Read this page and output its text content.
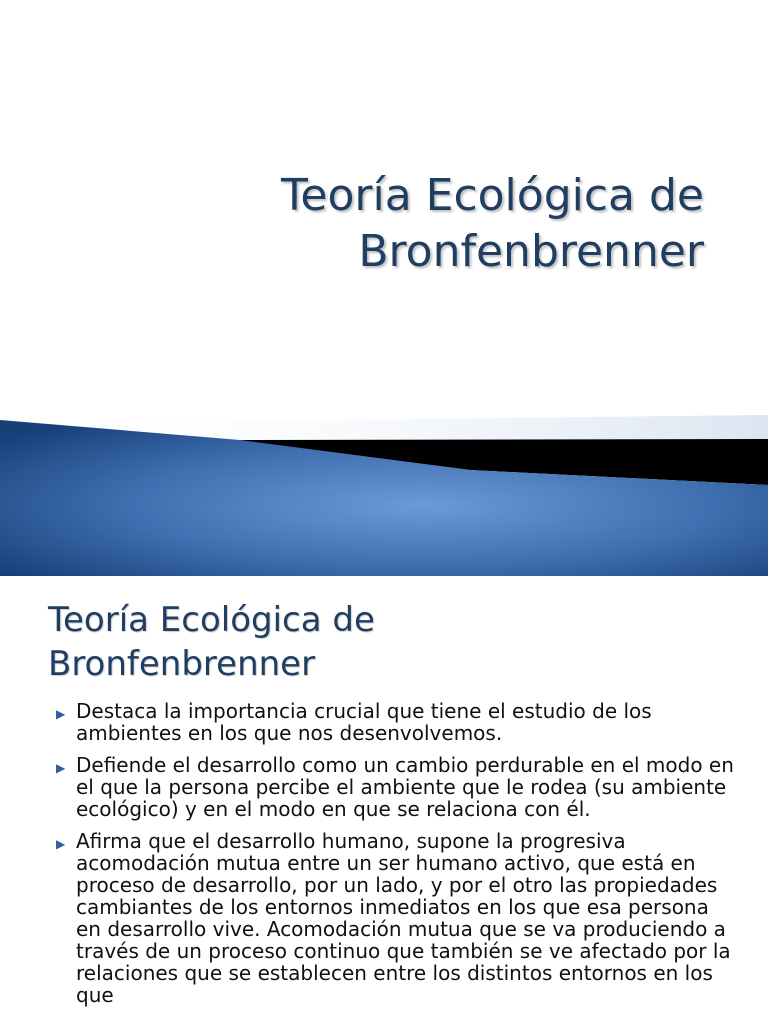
Teoría Ecológica de
Bronfenbrenner
Teoría Ecológica de
Bronfenbrenner
▶ Destaca la importancia crucial que tiene el estudio de los ambientes en los que nos desenvolvemos.
▶ Defiende el desarrollo como un cambio perdurable en el modo en el que la persona percibe el ambiente que le rodea (su ambiente ecológico) y en el modo en que se relaciona con él.
▶ Afirma que el desarrollo humano, supone la progresiva acomodación mutua entre un ser humano activo, que está en proceso de desarrollo, por un lado, y por el otro las propiedades cambiantes de los entornos inmediatos en los que esa persona en desarrollo vive. Acomodación mutua que se va produciendo a través de un proceso continuo que también se ve afectado por la relaciones que se establecen entre los distintos entornos en los que
